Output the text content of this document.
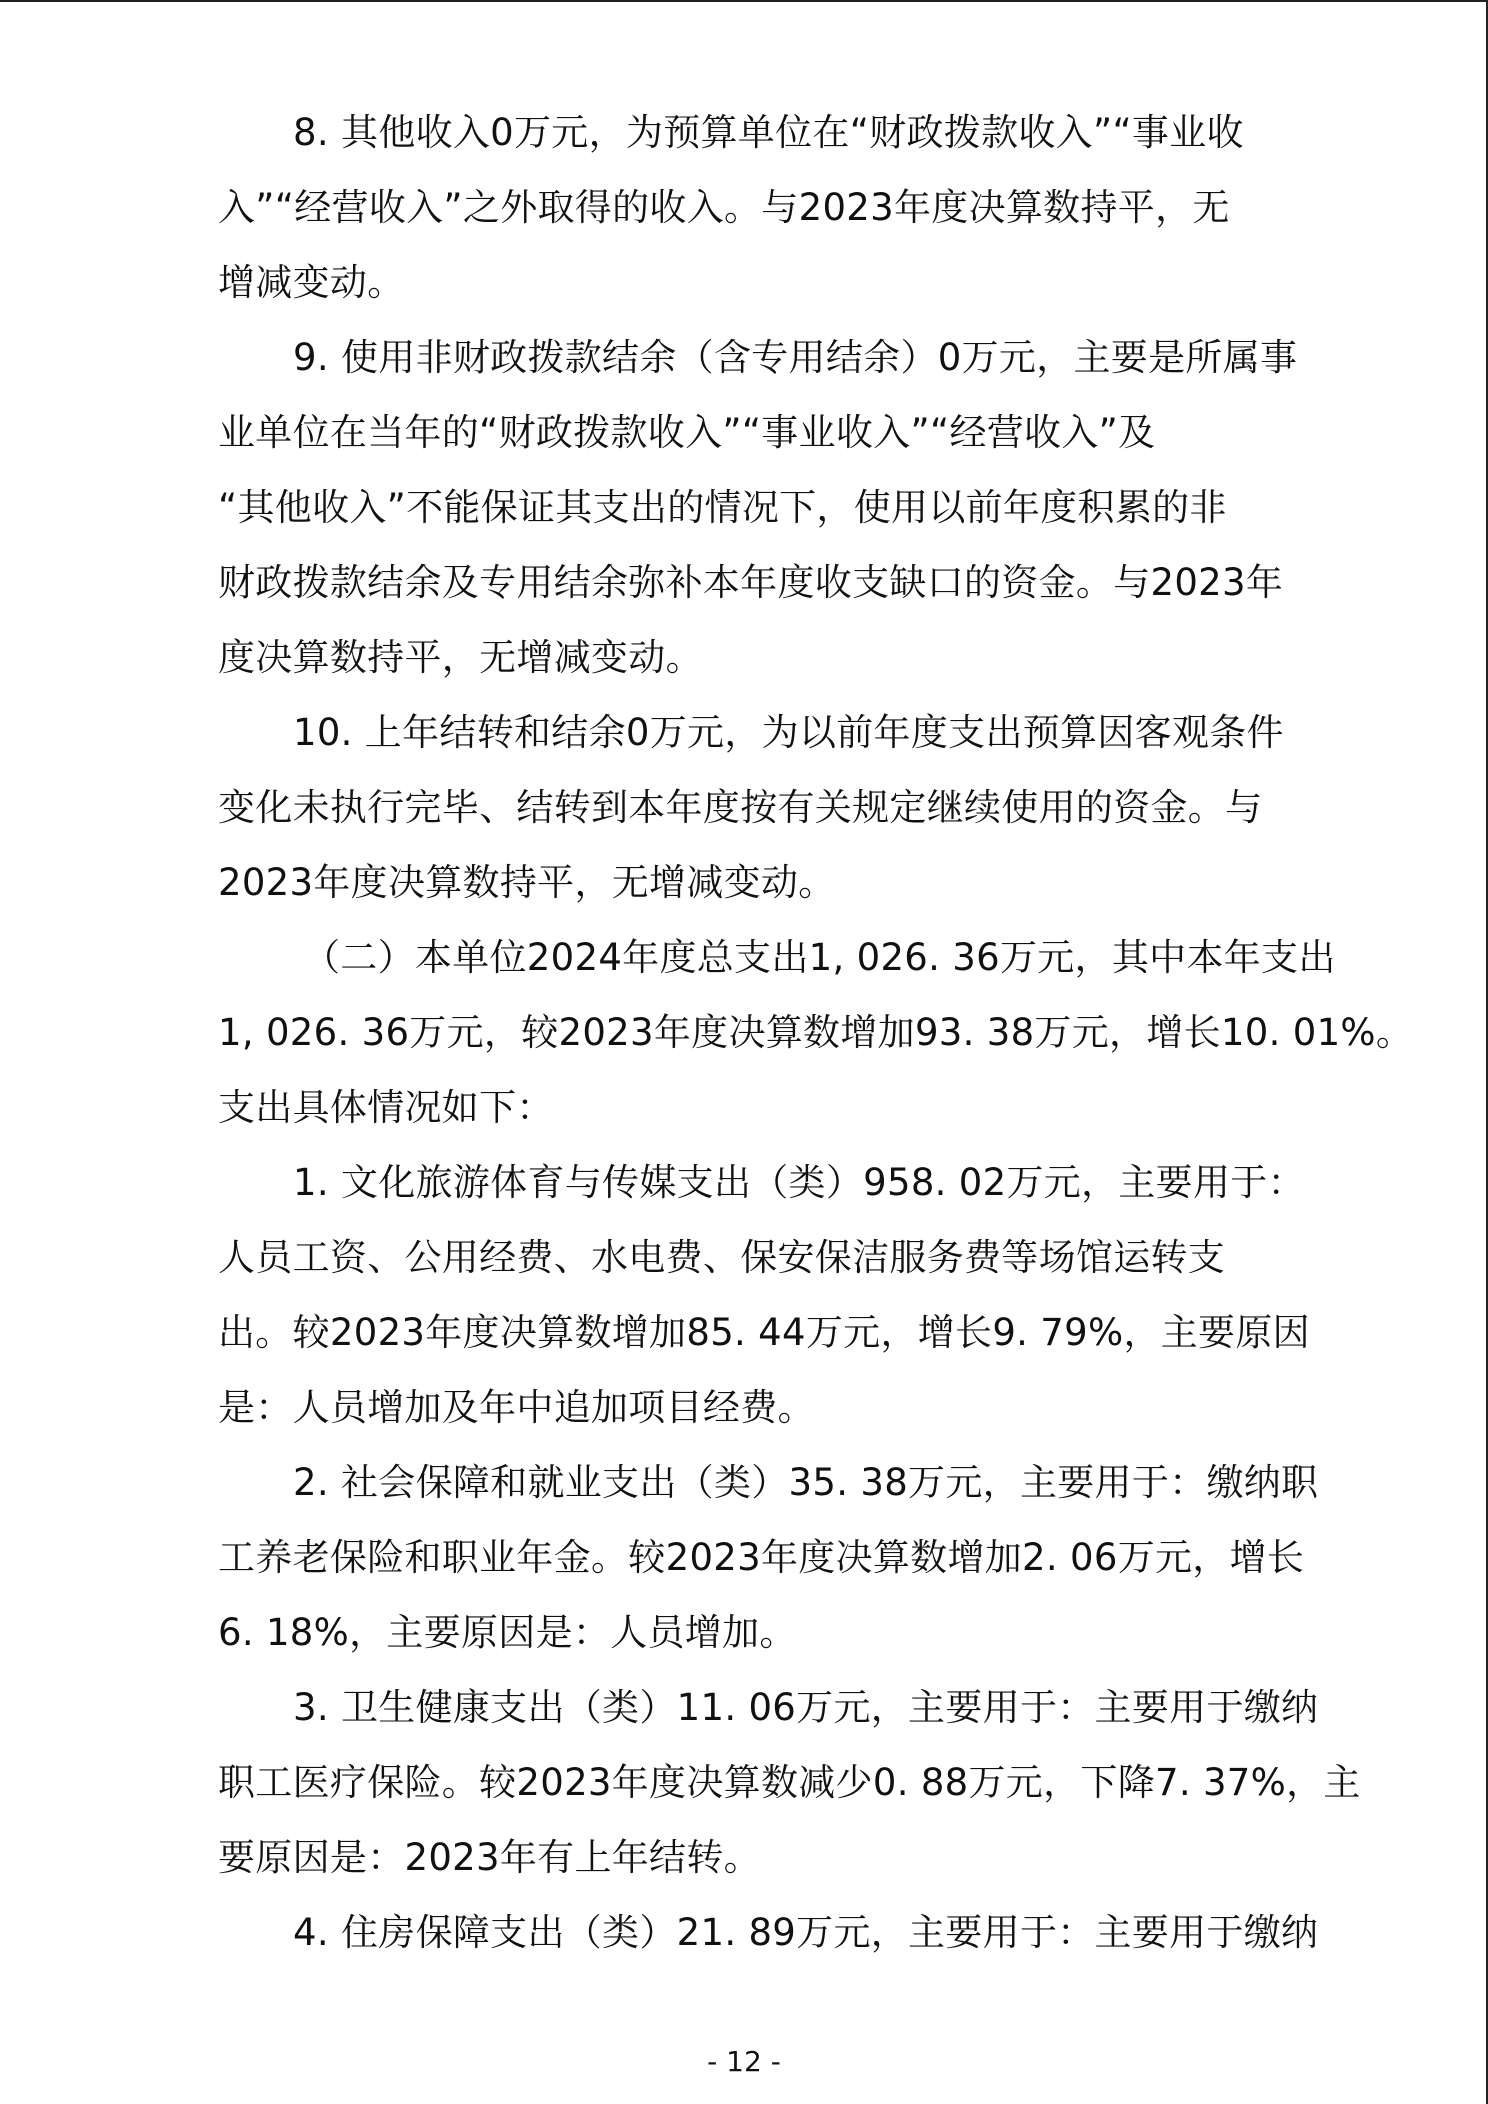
8. 其他收入0万元，为预算单位在“财政拨款收入”“事业收
入”“经营收入”之外取得的收入。与2023年度决算数持平，无
增减变动。
9. 使用非财政拨款结余（含专用结余）0万元，主要是所属事
业单位在当年的“财政拨款收入”“事业收入”“经营收入”及
“其他收入”不能保证其支出的情况下，使用以前年度积累的非
财政拨款结余及专用结余弥补本年度收支缺口的资金。与2023年
度决算数持平，无增减变动。
10. 上年结转和结余0万元，为以前年度支出预算因客观条件
变化未执行完毕、结转到本年度按有关规定继续使用的资金。与
2023年度决算数持平，无增减变动。
（二）本单位2024年度总支出1, 026. 36万元，其中本年支出
1, 026. 36万元，较2023年度决算数增加93. 38万元，增长10. 01%。
支出具体情况如下：
1. 文化旅游体育与传媒支出（类）958. 02万元，主要用于：
人员工资、公用经费、水电费、保安保洁服务费等场馆运转支
出。较2023年度决算数增加85. 44万元，增长9. 79%，主要原因
是：人员增加及年中追加项目经费。
2. 社会保障和就业支出（类）35. 38万元，主要用于：缴纳职
工养老保险和职业年金。较2023年度决算数增加2. 06万元，增长
6. 18%，主要原因是：人员增加。
3. 卫生健康支出（类）11. 06万元，主要用于：主要用于缴纳
职工医疗保险。较2023年度决算数减少0. 88万元，下降7. 37%，主
要原因是：2023年有上年结转。
4. 住房保障支出（类）21. 89万元，主要用于：主要用于缴纳
- 12 -
